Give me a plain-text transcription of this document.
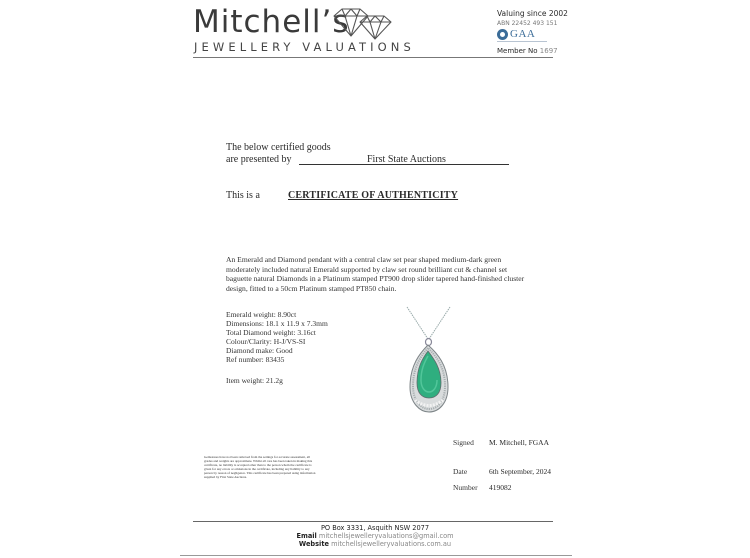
Mitchell’s
JEWELLERY VALUATIONS
Valuing since 2002
ABN 22452 493 151
GAA
Member No 1697
The below certified goods
are presented by	First State Auctions
This is a	CERTIFICATE OF AUTHENTICITY
An Emerald and Diamond pendant with a central claw set pear shaped medium-dark green moderately included natural Emerald supported by claw set round brilliant cut & channel set baguette natural Diamonds in a Platinum stamped PT900 drop slider tapered hand-finished cluster design, fitted to a 50cm Platinum stamped PT850 chain.
Emerald weight: 8.90ct
Dimensions: 18.1 x 11.9 x 7.3mm
Total Diamond weight: 3.16ct
Colour/Clarity: H-J/VS-SI
Diamond make: Good
Ref number: 83435
Item weight: 21.2g
Signed M. Mitchell, FGAA
Date	6th September, 2024
Number 419082
Gemstones have not been removed from the settings for accurate assessment, all grades and weights are approximate. Whilst all care has been taken in making this certificate, no liability is accepted other than to the person whom the certificate is given for any errors or omissions in the certificate, including any liability to any person by reason of negligence. This certificate has been prepared using information supplied by First State Auctions.
PO Box 3331, Asquith NSW 2077
Email mitchellsjewelleryvaluations@gmail.com
Website mitchellsjewelleryvaluations.com.au
